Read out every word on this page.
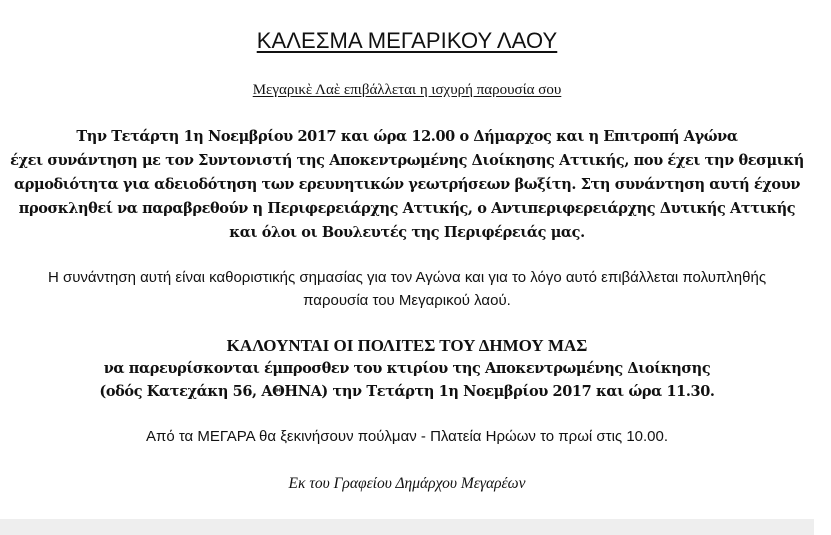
ΚΑΛΕΣΜΑ ΜΕΓΑΡΙΚΟΥ ΛΑΟΥ
Μεγαρικὲ Λαὲ επιβάλλεται η ισχυρή παρουσία σου
Την Τετάρτη 1η Νοεμβρίου 2017 και ώρα 12.00 ο Δήμαρχος και η Επιτροπή Αγώνα
έχει συνάντηση με τον Συντονιστή της Αποκεντρωμένης Διοίκησης Αττικής, που έχει την θεσμική
αρμοδιότητα για αδειοδότηση των ερευνητικών γεωτρήσεων βωξίτη. Στη συνάντηση αυτή έχουν
προσκληθεί να παραβρεθούν η Περιφερειάρχης Αττικής, ο Αντιπεριφερειάρχης Δυτικής Αττικής
και όλοι οι Βουλευτές της Περιφέρειάς μας.
Η συνάντηση αυτή είναι καθοριστικής σημασίας για τον Αγώνα και για το λόγο αυτό επιβάλλεται πολυπληθής
παρουσία του Μεγαρικού λαού.
ΚΑΛΟΥΝΤΑΙ ΟΙ ΠΟΛΙΤΕΣ ΤΟΥ ΔΗΜΟΥ ΜΑΣ
να παρευρίσκονται έμπροσθεν του κτιρίου της Αποκεντρωμένης Διοίκησης
(οδός Κατεχάκη 56, ΑΘΗΝΑ) την Τετάρτη 1η Νοεμβρίου 2017 και ώρα 11.30.
Από τα ΜΕΓΑΡΑ θα ξεκινήσουν πούλμαν - Πλατεία Ηρώων το πρωί στις 10.00.
Εκ του Γραφείου Δημάρχου Μεγαρέων
